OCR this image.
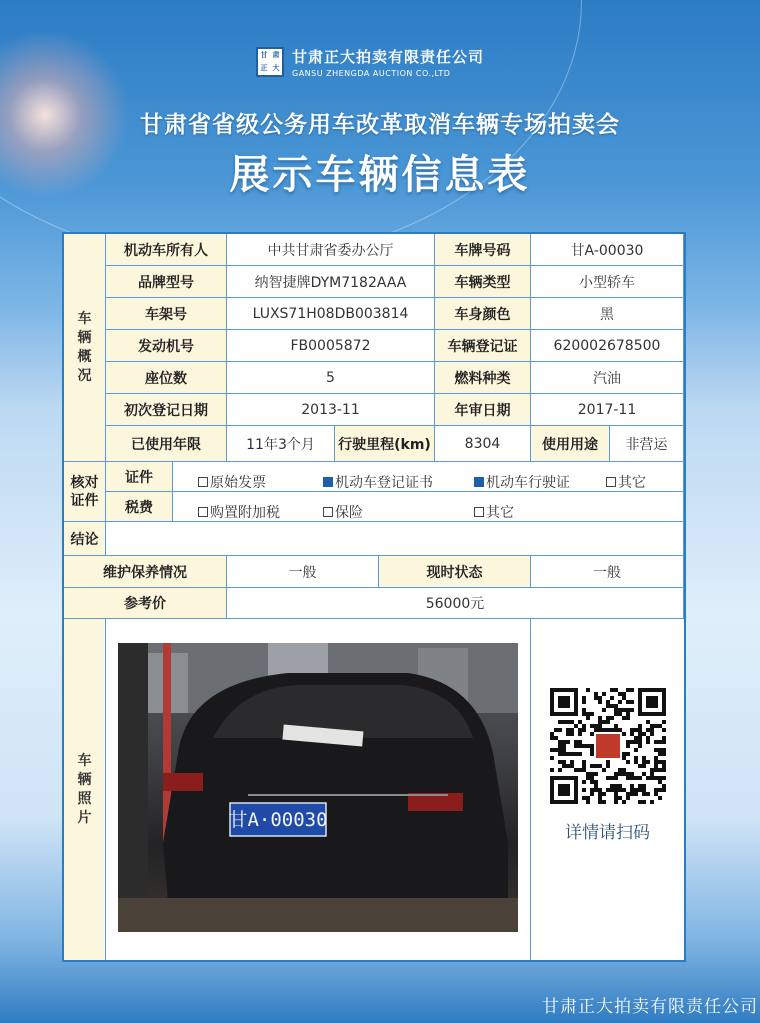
甘 肃
正 大
甘肃正大拍卖有限责任公司
GANSU ZHENGDA AUCTION CO.,LTD
甘肃省省级公务用车改革取消车辆专场拍卖会
展示车辆信息表
车
辆
概
况
机动车所有人	中共甘肃省委办公厅	车牌号码	甘A-00030
品牌型号	纳智捷牌DYM7182AAA	车辆类型	小型轿车
车架号	LUXS71H08DB003814	车身颜色	黑
发动机号	FB0005872	车辆登记证	620002678500
座位数	5	燃料种类	汽油
初次登记日期	2013-11	年审日期	2017-11
已使用年限	11年3个月	行驶里程(km)	8304	使用用途	非营运
核对证件
证件	原始发票	机动车登记证书	机动车行驶证	其它
税费	购置附加税	保险	其它
结论
维护保养情况	一般	现时状态	一般
参考价	56000元
车
辆
照
片	甘A·00030
详情请扫码
甘肃正大拍卖有限责任公司
